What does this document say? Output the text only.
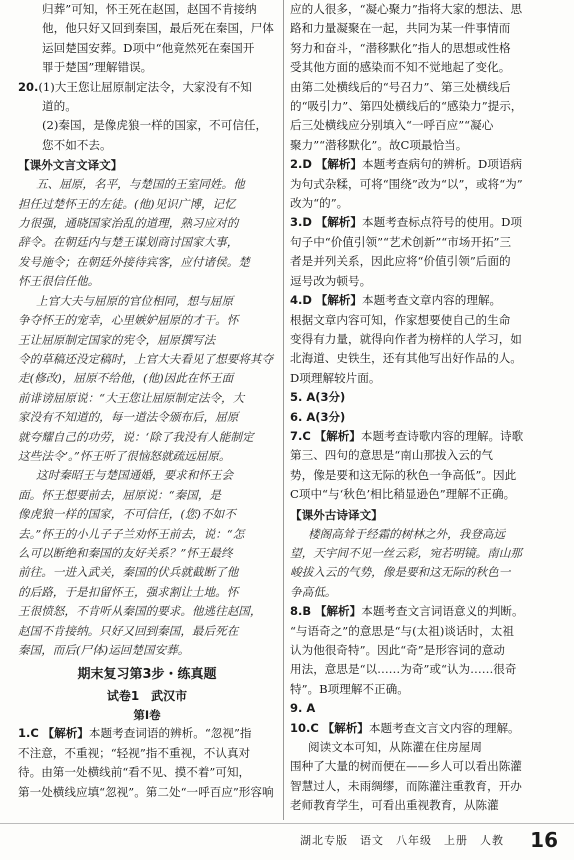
归葬”可知，怀王死在赵国，赵国不肯接纳
他，他只好又回到秦国，最后死在秦国，尸体
运回楚国安葬。D项中“他竟然死在秦国开
罪于楚国”理解错误。
20.(1)大王您让屈原制定法令，大家没有不知
道的。
(2)秦国，是像虎狼一样的国家，不可信任，
您不如不去。
【课外文言文译文】
五、屈原，名平，与楚国的王室同姓。他
担任过楚怀王的左徒。(他)见识广博，记忆
力很强，通晓国家治乱的道理，熟习应对的
辞令。在朝廷内与楚王谋划商讨国家大事，
发号施令；在朝廷外接待宾客，应付诸侯。楚
怀王很信任他。
上官大夫与屈原的官位相同，想与屈原
争夺怀王的宠幸，心里嫉妒屈原的才干。怀
王让屈原制定国家的宪令，屈原撰写法
令的草稿还没定稿时，上官大夫看见了想要将其夺
走(修改)，屈原不给他，(他)因此在怀王面
前诽谤屈原说：“大王您让屈原制定法令，大
家没有不知道的，每一道法令颁布后，屈原
就夸耀自己的功劳，说：‘除了我没有人能制定
这些法令’。”怀王听了很恼怒就疏远屈原。
这时秦昭王与楚国通婚，要求和怀王会
面。怀王想要前去，屈原说：“秦国，是
像虎狼一样的国家，不可信任，(您)不如不
去。”怀王的小儿子子兰劝怀王前去，说：“怎
么可以断绝和秦国的友好关系？”怀王最终
前往。一进入武关，秦国的伏兵就截断了他
的后路，于是扣留怀王，强求割让土地。怀
王很愤怒，不肯听从秦国的要求。他逃往赵国，
赵国不肯接纳。只好又回到秦国，最后死在
秦国，而后(尸体)运回楚国安葬。
期末复习第3步・练真题
试卷1　武汉市
第Ⅰ卷
1.C 【解析】本题考查词语的辨析。“忽视”指
不注意，不重视；“轻视”指不重视，不认真对
待。由第一处横线前“看不见、摸不着”可知，
第一处横线应填“忽视”。第二处“一呼百应”形容响
应的人很多，“凝心聚力”指将大家的想法、思
路和力量凝聚在一起，共同为某一件事情而
努力和奋斗，“潜移默化”指人的思想或性格
受其他方面的感染而不知不觉地起了变化。
由第二处横线后的“号召力”、第三处横线后
的“吸引力”、第四处横线后的“感染力”提示，
后三处横线应分别填入“一呼百应”“凝心
聚力”“潜移默化”。故C项最恰当。
2.D 【解析】本题考查病句的辨析。D项语病
为句式杂糅，可将“围绕”改为“以”，或将“为”
改为“的”。
3.D 【解析】本题考查标点符号的使用。D项
句子中“价值引领”“艺术创新”“市场开拓”三
者是并列关系，因此应将“价值引领”后面的
逗号改为顿号。
4.D 【解析】本题考查文章内容的理解。
根据文章内容可知，作家想要使自己的生命
变得有力量，就得向作者为榜样的人学习，如
北海道、史铁生，还有其他写出好作品的人。
D项理解较片面。
5. A(3分)
6. A(3分)
7.C 【解析】本题考查诗歌内容的理解。诗歌
第三、四句的意思是“南山那拔入云的气
势，像是要和这无际的秋色一争高低”。因此
C项中“与‘秋色’相比稍显逊色”理解不正确。
【课外古诗译文】
楼阁高耸于经霜的树林之外，我登高远
望，天宇间不见一丝云彩，宛若明镜。南山那
峻拔入云的气势，像是要和这无际的秋色一
争高低。
8.B 【解析】本题考查文言词语意义的判断。
“与语奇之”的意思是“与(太祖)谈话时，太祖
认为他很奇特”。因此“奇”是形容词的意动
用法，意思是“以……为奇”或“认为……很奇
特”。B项理解不正确。
9. A
10.C 【解析】本题考查文言文内容的理解。
阅读文本可知，从陈灌在住房屋周
围种了大量的树而便在——乡人可以看出陈灌
智慧过人，未雨绸缪，而陈灌注重教育，开办
老师教育学生，可看出重视教育，从陈灌
湖北专版　语文　八年级　上册　人教 16
